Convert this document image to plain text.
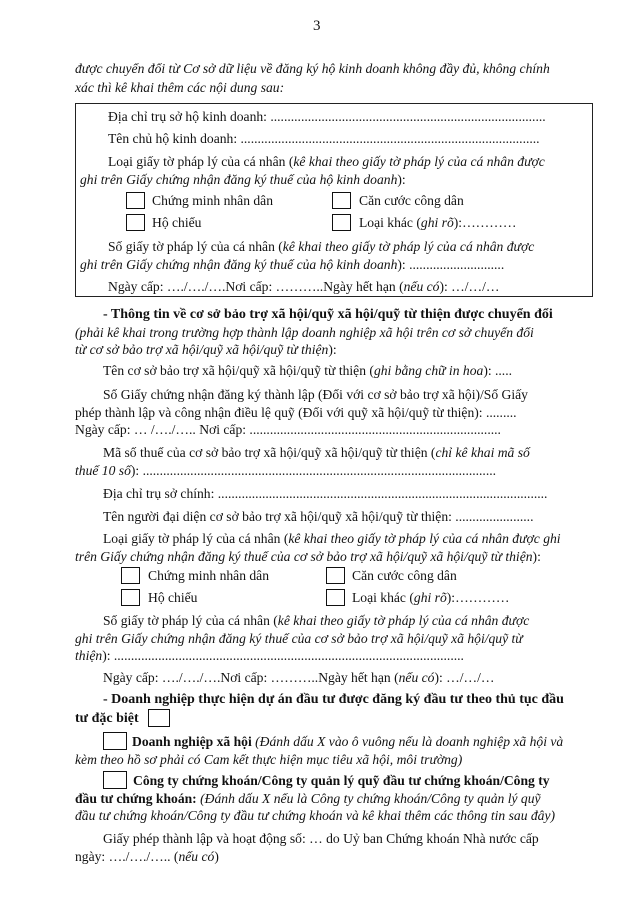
3
được chuyển đổi từ Cơ sở dữ liệu về đăng ký hộ kinh doanh không đầy đủ, không chính
xác thì kê khai thêm các nội dung sau:
Địa chỉ trụ sở hộ kinh doanh: .................................................................................
Tên chủ hộ kinh doanh: ........................................................................................
Loại giấy tờ pháp lý của cá nhân (kê khai theo giấy tờ pháp lý của cá nhân được
ghi trên Giấy chứng nhận đăng ký thuế của hộ kinh doanh):
Chứng minh nhân dân	Căn cước công dân
Hộ chiếu	Loại khác (ghi rõ):…………
Số giấy tờ pháp lý của cá nhân (kê khai theo giấy tờ pháp lý của cá nhân được
ghi trên Giấy chứng nhận đăng ký thuế của hộ kinh doanh): ............................
Ngày cấp: …./…./….Nơi cấp: ………..Ngày hết hạn (nếu có): …/…/…
- Thông tin về cơ sở bảo trợ xã hội/quỹ xã hội/quỹ từ thiện được chuyển đổi
(phải kê khai trong trường hợp thành lập doanh nghiệp xã hội trên cơ sở chuyển đổi
từ cơ sở bảo trợ xã hội/quỹ xã hội/quỹ từ thiện):
Tên cơ sở bảo trợ xã hội/quỹ xã hội/quỹ từ thiện (ghi bằng chữ in hoa): .....
Số Giấy chứng nhận đăng ký thành lập (Đối với cơ sở bảo trợ xã hội)/Số Giấy
phép thành lập và công nhận điều lệ quỹ (Đối với quỹ xã hội/quỹ từ thiện): .........
Ngày cấp: … /…./….. Nơi cấp: ..........................................................................
Mã số thuế của cơ sở bảo trợ xã hội/quỹ xã hội/quỹ từ thiện (chỉ kê khai mã số
thuế 10 số): ........................................................................................................
Địa chỉ trụ sở chính: .................................................................................................
Tên người đại diện cơ sở bảo trợ xã hội/quỹ xã hội/quỹ từ thiện: .......................
Loại giấy tờ pháp lý của cá nhân (kê khai theo giấy tờ pháp lý của cá nhân được ghi
trên Giấy chứng nhận đăng ký thuế của cơ sở bảo trợ xã hội/quỹ xã hội/quỹ từ thiện):
Chứng minh nhân dân	Căn cước công dân
Hộ chiếu	Loại khác (ghi rõ):…………
Số giấy tờ pháp lý của cá nhân (kê khai theo giấy tờ pháp lý của cá nhân được
ghi trên Giấy chứng nhận đăng ký thuế của cơ sở bảo trợ xã hội/quỹ xã hội/quỹ từ
thiện): .......................................................................................................
Ngày cấp: …./…./….Nơi cấp: ………..Ngày hết hạn (nếu có): …/…/…
- Doanh nghiệp thực hiện dự án đầu tư được đăng ký đầu tư theo thủ tục đầu
tư đặc biệt
Doanh nghiệp xã hội (Đánh dấu X vào ô vuông nếu là doanh nghiệp xã hội và
kèm theo hồ sơ phải có Cam kết thực hiện mục tiêu xã hội, môi trường)
Công ty chứng khoán/Công ty quản lý quỹ đầu tư chứng khoán/Công ty
đầu tư chứng khoán: (Đánh dấu X nếu là Công ty chứng khoán/Công ty quản lý quỹ
đầu tư chứng khoán/Công ty đầu tư chứng khoán và kê khai thêm các thông tin sau đây)
Giấy phép thành lập và hoạt động số: … do Uỷ ban Chứng khoán Nhà nước cấp
ngày: …./…./….. (nếu có)
